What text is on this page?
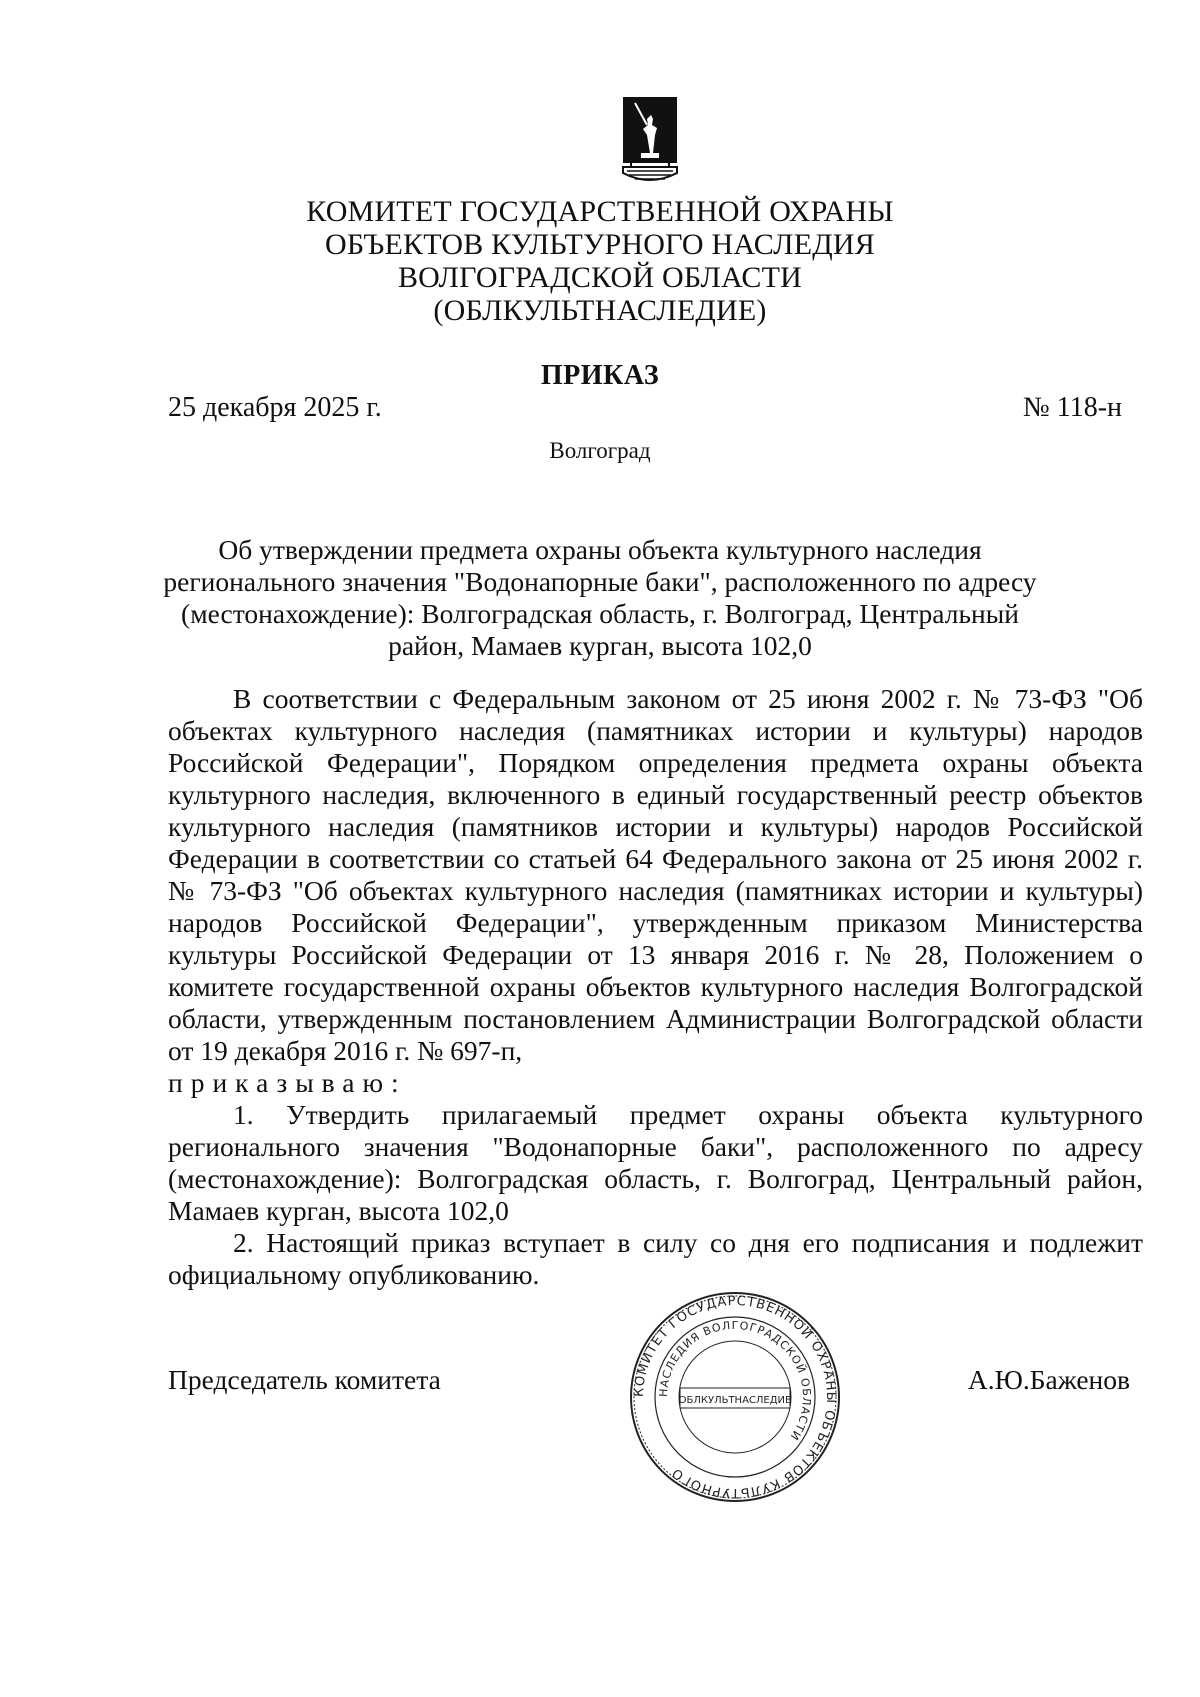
КОМИТЕТ ГОСУДАРСТВЕННОЙ ОХРАНЫ
ОБЪЕКТОВ КУЛЬТУРНОГО НАСЛЕДИЯ
ВОЛГОГРАДСКОЙ ОБЛАСТИ
(ОБЛКУЛЬТНАСЛЕДИЕ)
ПРИКАЗ
25 декабря 2025 г.	№ 118-н
Волгоград
Об утверждении предмета охраны объекта культурного наследия регионального значения "Водонапорные баки", расположенного по адресу (местонахождение): Волгоградская область, г. Волгоград, Центральный район, Мамаев курган, высота 102,0

В соответствии с Федеральным законом от 25 июня 2002 г. № 73-ФЗ "Об объектах культурного наследия (памятниках истории и культуры) народов Российской Федерации", Порядком определения предмета охраны объекта культурного наследия, включенного в единый государственный реестр объектов культурного наследия (памятников истории и культуры) народов Российской Федерации в соответствии со статьей 64 Федерального закона от 25 июня 2002 г. № 73-ФЗ "Об объектах культурного наследия (памятниках истории и культуры) народов Российской Федерации", утвержденным приказом Министерства культуры Российской Федерации от 13 января 2016 г. № 28, Положением о комитете государственной охраны объектов культурного наследия Волгоградской области, утвержденным постановлением Администрации Волгоградской области от 19 декабря 2016 г. № 697-п,

приказываю:

1. Утвердить прилагаемый предмет охраны объекта культурного регионального значения "Водонапорные баки", расположенного по адресу (местонахождение): Волгоградская область, г. Волгоград, Центральный район, Мамаев курган, высота 102,0

2. Настоящий приказ вступает в силу со дня его подписания и подлежит официальному опубликованию.

Председатель комитета	А.Ю.Баженов
КОМИТЕТ ГОСУДАРСТВЕННОЙ ОХРАНЫ ОБЪЕКТОВ КУЛЬТУРНОГО
НАСЛЕДИЯ ВОЛГОГРАДСКОЙ ОБЛАСТИ
ОБЛКУЛЬТНАСЛЕДИЕ
